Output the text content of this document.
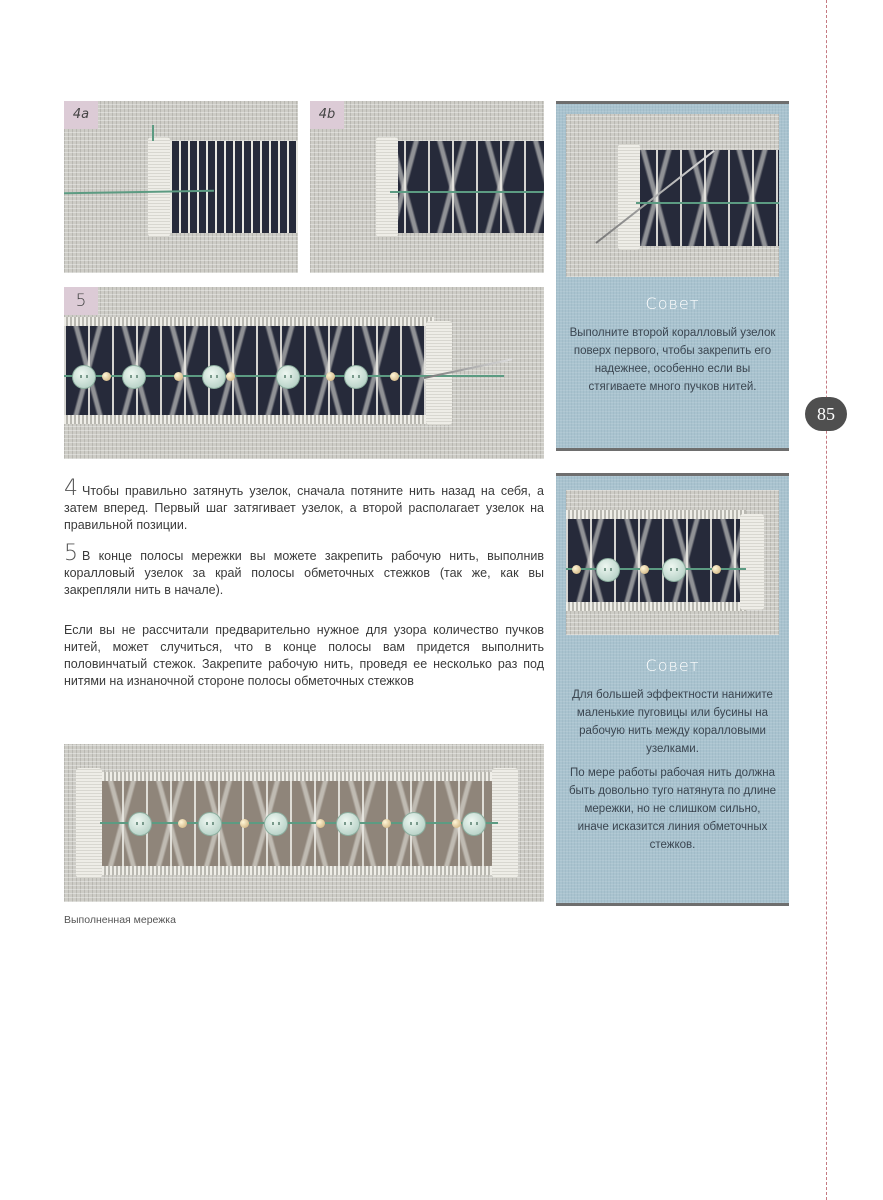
85
4a	4b
5	Совет

Выполните второй коралловый узелок поверх первого, чтобы закрепить его надежнее, особенно если вы стягиваете много пучков нитей.

Совет

Для большей эффектности нанижите маленькие пуговицы или бусины на рабочую нить между коралловыми узелками.

По мере работы рабочая нить должна быть довольно туго натянута по длине мережки, но не слишком сильно, иначе исказится линия обметочных стежков.

4 Чтобы правильно затянуть узелок, сначала потяните нить назад на себя, а затем вперед. Первый шаг затягивает узелок, а второй располагает узелок на правильной позиции.

5 В конце полосы мережки вы можете закрепить рабочую нить, выполнив коралловый узелок за край полосы обметочных стежков (так же, как вы закрепляли нить в начале).

Если вы не рассчитали предварительно нужное для узора количество пучков нитей, может случиться, что в конце полосы вам придется выполнить половинчатый стежок. Закрепите рабочую нить, проведя ее несколько раз под нитями на изнаночной стороне полосы обметочных стежков

Выполненная мережка
